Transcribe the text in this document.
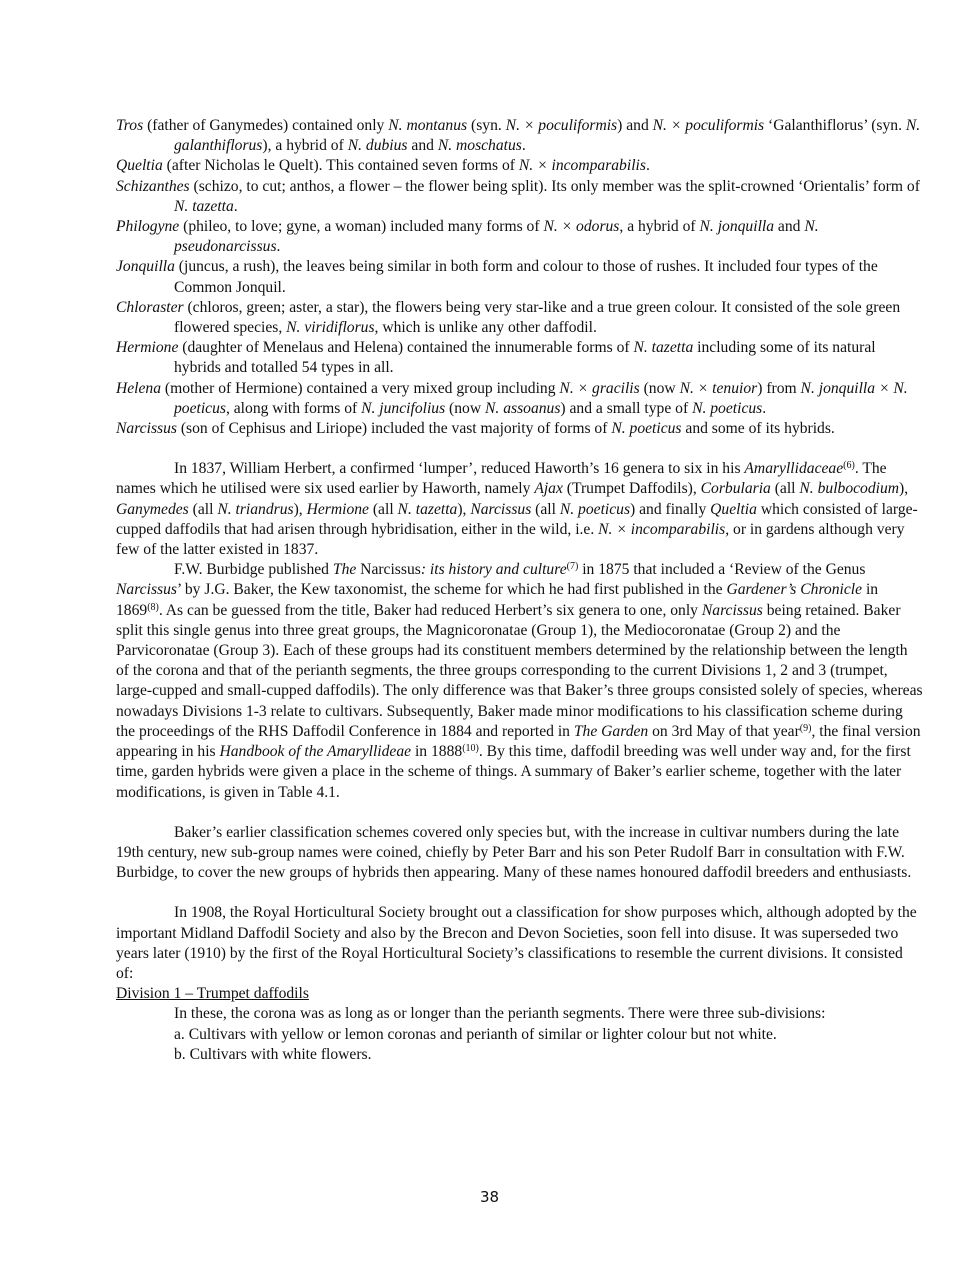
Tros (father of Ganymedes) contained only N. montanus (syn. N. × poculiformis) and N. × poculiformis ‘Galanthiflorus’ (syn. N. galanthiflorus), a hybrid of N. dubius and N. moschatus.

Queltia (after Nicholas le Quelt). This contained seven forms of N. × incomparabilis.

Schizanthes (schizo, to cut; anthos, a flower – the flower being split). Its only member was the split-crowned ‘Orientalis’ form of N. tazetta.

Philogyne (phileo, to love; gyne, a woman) included many forms of N. × odorus, a hybrid of N. jonquilla and N. pseudonarcissus.

Jonquilla (juncus, a rush), the leaves being similar in both form and colour to those of rushes. It included four types of the Common Jonquil.

Chloraster (chloros, green; aster, a star), the flowers being very star-like and a true green colour. It consisted of the sole green flowered species, N. viridiflorus, which is unlike any other daffodil.

Hermione (daughter of Menelaus and Helena) contained the innumerable forms of N. tazetta including some of its natural hybrids and totalled 54 types in all.

Helena (mother of Hermione) contained a very mixed group including N. × gracilis (now N. × tenuior) from N. jonquilla × N. poeticus, along with forms of N. juncifolius (now N. assoanus) and a small type of N. poeticus.

Narcissus (son of Cephisus and Liriope) included the vast majority of forms of N. poeticus and some of its hybrids.

In 1837, William Herbert, a confirmed ‘lumper’, reduced Haworth’s 16 genera to six in his Amaryllidaceae$^{(6)}$. The names which he utilised were six used earlier by Haworth, namely Ajax (Trumpet Daffodils), Corbularia (all N. bulbocodium), Ganymedes (all N. triandrus), Hermione (all N. tazetta), Narcissus (all N. poeticus) and finally Queltia which consisted of large-cupped daffodils that had arisen through hybridisation, either in the wild, i.e. N. × incomparabilis, or in gardens although very few of the latter existed in 1837.

F.W. Burbidge published The Narcissus: its history and culture$^{(7)}$ in 1875 that included a ‘Review of the Genus Narcissus’ by J.G. Baker, the Kew taxonomist, the scheme for which he had first published in the Gardener’s Chronicle in 1869$^{(8)}$. As can be guessed from the title, Baker had reduced Herbert’s six genera to one, only Narcissus being retained. Baker split this single genus into three great groups, the Magnicoronatae (Group 1), the Mediocoronatae (Group 2) and the Parvicoronatae (Group 3). Each of these groups had its constituent members determined by the relationship between the length of the corona and that of the perianth segments, the three groups corresponding to the current Divisions 1, 2 and 3 (trumpet, large-cupped and small-cupped daffodils). The only difference was that Baker’s three groups consisted solely of species, whereas nowadays Divisions 1-3 relate to cultivars. Subsequently, Baker made minor modifications to his classification scheme during the proceedings of the RHS Daffodil Conference in 1884 and reported in The Garden on 3rd May of that year$^{(9)}$, the final version appearing in his Handbook of the Amaryllideae in 1888$^{(10)}$. By this time, daffodil breeding was well under way and, for the first time, garden hybrids were given a place in the scheme of things. A summary of Baker’s earlier scheme, together with the later modifications, is given in Table 4.1.

Baker’s earlier classification schemes covered only species but, with the increase in cultivar numbers during the late 19th century, new sub-group names were coined, chiefly by Peter Barr and his son Peter Rudolf Barr in consultation with F.W. Burbidge, to cover the new groups of hybrids then appearing. Many of these names honoured daffodil breeders and enthusiasts.

In 1908, the Royal Horticultural Society brought out a classification for show purposes which, although adopted by the important Midland Daffodil Society and also by the Brecon and Devon Societies, soon fell into disuse. It was superseded two years later (1910) by the first of the Royal Horticultural Society’s classifications to resemble the current divisions. It consisted of:

Division 1 – Trumpet daffodils

In these, the corona was as long as or longer than the perianth segments. There were three sub-divisions:

a. Cultivars with yellow or lemon coronas and perianth of similar or lighter colour but not white.

b. Cultivars with white flowers.

38
